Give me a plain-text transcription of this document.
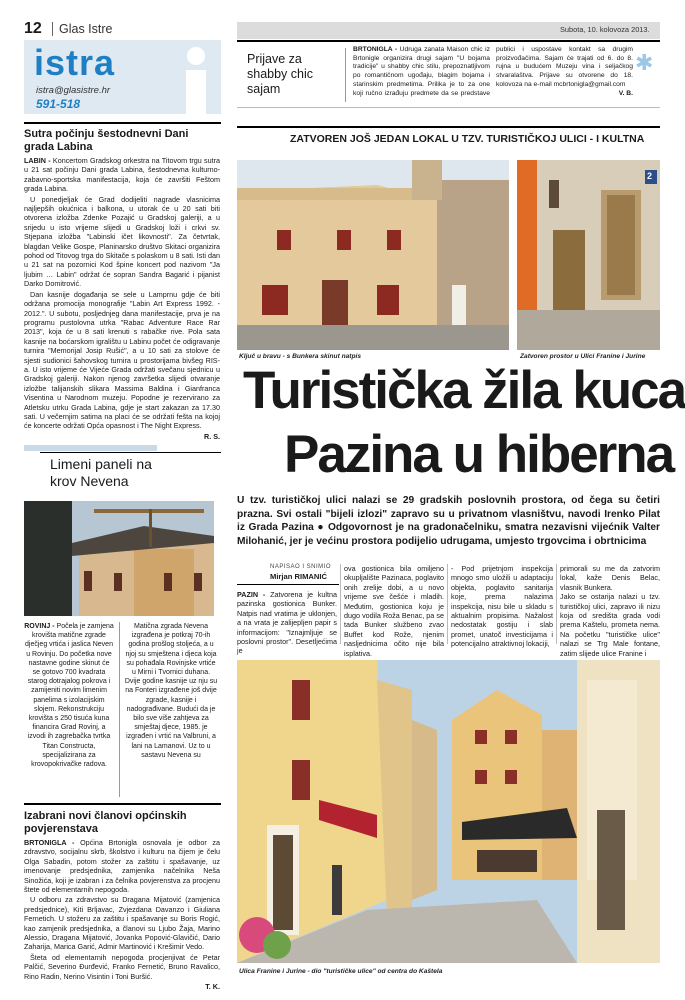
12 Glas Istre	Subota, 10. kolovoza 2013.
istra
istra@glasistre.hr
591-518
Prijave za shabby chic sajam
BRTONIGLA - Udruga zanata Maison chic iz Brtonigle organizira drugi sajam "U bojama tradicije" u shabby chic stilu, prepoznatljivom po romantičnom ugođaju, blagim bojama i starinskim predmetima. Prilika je to za one koji ručno izrađuju predmete da se predstave publici i uspostave kontakt sa drugim proizvođačima. Sajam će trajati od 6. do 8. rujna u budućem Muzeju vina i seljačkog stvaralaštva. Prijave su otvorene do 18. kolovoza na e-mail mcbrtonigla@gmail.com
V. B.
✱
Sutra počinju šestodnevni Dani grada Labina

LABIN - Koncertom Gradskog orkestra na Titovom trgu sutra u 21 sat počinju Dani grada Labina, šestodnevna kulturno-zabavno-sportska manifestacija, koja će završiti Feštom grada Labina.

U ponedjeljak će Grad dodijeliti nagrade vlasnicima najljepših okućnica i balkona, u utorak će u 20 sati biti otvorena izložba Zdenke Pozajić u Gradskoj galeriji, a u srijedu u isto vrijeme slijedi u Gradskoj loži i crkvi sv. Stjepana izložba "Labinski ičet likovnosti". Za četvrtak, blagdan Velike Gospe, Planinarsko društvo Skitaci organizira pohod od Titovog trga do Skitače s polaskom u 8 sati. Isti dan u 21 sat na pozornici Kod špine koncert pod nazivom "Ja ljubim … Labin" održat će sopran Sandra Bagarić i pijanist Darko Domitrović.

Dan kasnije događanja se sele u Lamprnu gdje će biti održana promocija monografije "Labin Art Express 1992. - 2012.". U subotu, posljednjeg dana manifestacije, prva je na programu pustolovna utrka "Rabac Adventure Race Rar 2013", koja će u 8 sati krenuti s rabačke rive. Pola sata kasnije na boćarskom igralištu u Labinu počet će odigravanje turnira "Memorijal Josip Rušić", a u 10 sati za stolove će sjesti sudionici šahovskog turnira u prostorijama bivšeg RIS-a. U isto vrijeme će Vijeće Grada održati svečanu sjednicu u Gradskoj galeriji. Nakon njenog završetka slijedi otvaranje izložbe talijanskih slikara Massima Baldina i Gianfranca Visentina u Narodnom muzeju. Popodne je rezervirano za Atletsku utrku Grada Labina, gdje je start zakazan za 17.30 sati. U večernjim satima na placi će se održati fešta na kojoj će koncerte održati Opća opasnost i The Night Express.

R. S.
Limeni paneli na krov Nevena
ROVINJ - Počela je zamjena krovišta matične zgrade dječjeg vrtića i jaslica Neven u Rovinju. Do početka nove nastavne godine skinut će se gotovo 700 kvadrata starog dotrajalog pokrova i zamijeniti novim limenim panelima s izolacijskim slojem. Rekonstrukciju krovišta s 250 tisuća kuna financira Grad Rovinj, a izvodi ih zagrebačka tvrtka Titan Constructa, specijalizirana za krovopokrivačke radova.
Matična zgrada Nevena izgrađena je potkraj 70-ih godina prošlog stoljeća, a u njoj su smještena i djeca koja su pohađala Rovinjske vrtiće u Mirni i Tvornici duhana. Dvije godine kasnije uz nju su na Fonteri izgrađene još dvije zgrade, kasnije i nadograđivane. Budući da je bilo sve više zahtjeva za smještaj djece, 1985. je izgrađen i vrtić na Valbruni, a lani na Lamanovi. Uz to u sastavu Nevena su
Izabrani novi članovi općinskih povjerenstava

BRTONIGLA - Općina Brtonigla osnovala je odbor za zdravstvo, socijalnu skrb, školstvo i kulturu na čijem je čelu Olga Sabadin, potom stožer za zaštitu i spašavanje, uz imenovanje predsjednika, zamjenika načelnika Neša Sinožića, koji je izabran i za čelnika povjerenstva za procjenu štete od elementarnih nepogoda.

U odboru za zdravstvo su Dragana Mijatović (zamjenica predsjednice), Kiti Brljavac, Zvjezdana Davanzo i Giuliana Fernetich. U stožeru za zaštitu i spašavanje su Boris Rogić, kao zamjenik predsjednika, a članovi su Ljubo Žaja, Marino Alessio, Dragana Mijatović, Jovanka Popović-Glavičić, Dario Zaharija, Marica Garić, Admir Martinović i Krešimir Vedo.

Šteta od elementarnih nepogoda procjenjivat će Petar Palčić, Severino Đurđević, Franko Fernetić, Bruno Ravalico, Rino Radin, Nerino Visintin i Toni Buršić.

T. K.
ZATVOREN JOŠ JEDAN LOKAL U TZV. TURISTIČKOJ ULICI - I KULTNA
Ključ u bravu - s Bunkera skinut natpis
2
Zatvoren prostor u Ulici Franine i Jurine
Turistička žila kuca
Pazina u hiberna
U tzv. turističkoj ulici nalazi se 29 gradskih poslovnih prostora, od čega su četiri prazna. Svi ostali "bijeli izlozi" zapravo su u privatnom vlasništvu, navodi Irenko Pilat iz Grada Pazina ● Odgovornost je na gradonačelniku, smatra nezavisni vijećnik Valter Milohanić, jer je većinu prostora podijelio udrugama, umjesto trgovcima i obrtnicima
NAPISAO I SNIMIO
Mirjan RIMANIĆ
PAZIN - Zatvorena je kultna pazinska gostionica Bunker. Natpis nad vratima je uklonjen, a na vrata je zalijepljen papir s informacijom: "Iznajmljuje se poslovni prostor". Desetljećima je
ova gostionica bila omiljeno okupljalište Pazinaca, poglavito onih zrelije dobi, a u novo vrijeme sve češće i mladih. Međutim, gostionica koju je dugo vodila Roža Benac, pa se tada Bunker službeno zvao Buffet kod Rože, njenim nasljednicima očito nije bila isplativa.
- Pod prijetnjom inspekcija mnogo smo uložili u adaptaciju objekta, poglavito sanitarija koje, prema nalazima inspekcija, nisu bile u skladu s aktualnim propisima. Nažalost nedostatak gostiju i slab promet, unatoč investicijama i potencijalno atraktivnoj lokaciji,
primorali su me da zatvorim lokal, kaže Denis Belac, vlasnik Bunkera.
Jako se ostarija nalazi u tzv. turističkoj ulici, zapravo ili nizu koja od središta grada vodi prema Kaštelu, prometa nema. Na početku "turističke ulice" nalazi se Trg Male fontane, zatim slijede ulice Franine i
Ulica Franine i Jurine - dio "turističke ulice" od centra do Kaštela
